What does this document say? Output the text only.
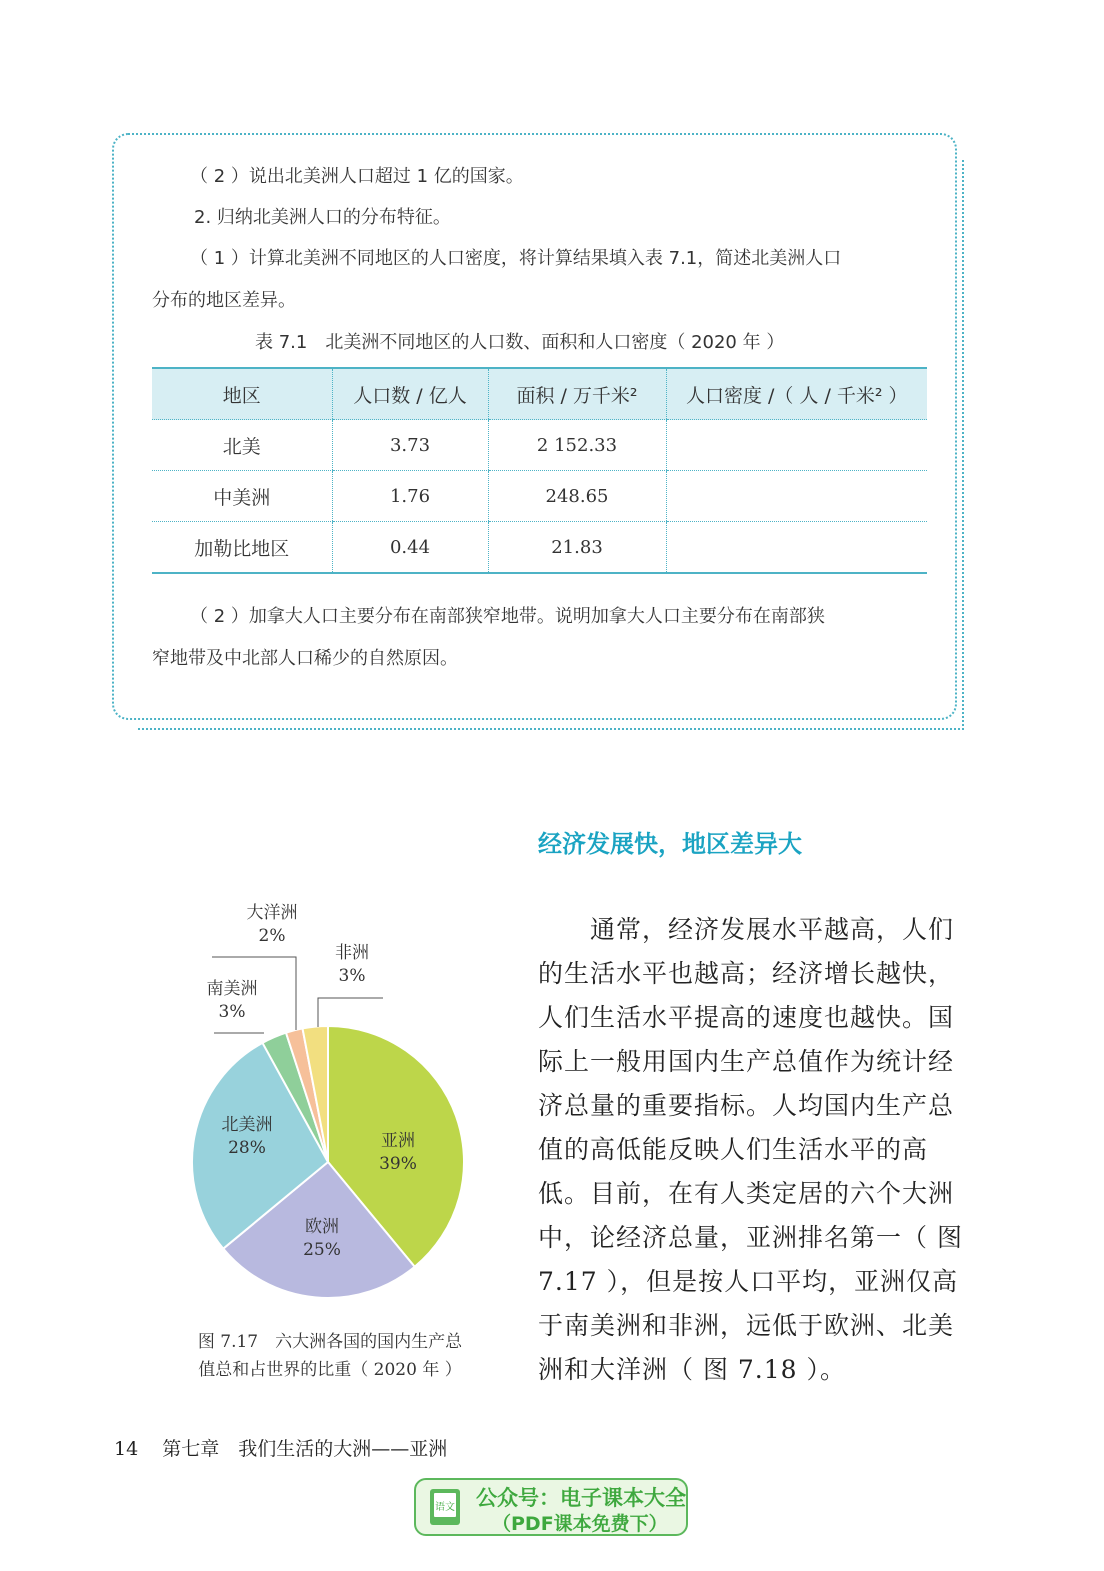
（ 2 ）说出北美洲人口超过 1 亿的国家。
2. 归纳北美洲人口的分布特征。
（ 1 ）计算北美洲不同地区的人口密度，将计算结果填入表 7.1，简述北美洲人口
分布的地区差异。
表 7.1　北美洲不同地区的人口数、面积和人口密度（ 2020 年 ）
地区	人口数 / 亿人	面积 / 万千米²	人口密度 /（ 人 / 千米² ）
北美	3.73	2 152.33	
中美洲	1.76	248.65	
加勒比地区	0.44	21.83	
（ 2 ）加拿大人口主要分布在南部狭窄地带。说明加拿大人口主要分布在南部狭
窄地带及中北部人口稀少的自然原因。
经济发展快，地区差异大
　　通常，经济发展水平越高，人们的生活水平也越高；经济增长越快，人们生活水平提高的速度也越快。国际上一般用国内生产总值作为统计经济总量的重要指标。人均国内生产总值的高低能反映人们生活水平的高低。目前，在有人类定居的六个大洲中，论经济总量，亚洲排名第一（ 图 7.17 ），但是按人口平均，亚洲仅高于南美洲和非洲，远低于欧洲、北美洲和大洋洲（ 图 7.18 ）。
亚洲
39%
欧洲
25%
北美洲
28%
南美洲
3%
大洋洲
2%
非洲
3%
图 7.17　六大洲各国的国内生产总
值总和占世界的比重（ 2020 年 ）
14 第七章　我们生活的大洲——亚洲
语文 公众号：电子课本大全
（PDF课本免费下）
